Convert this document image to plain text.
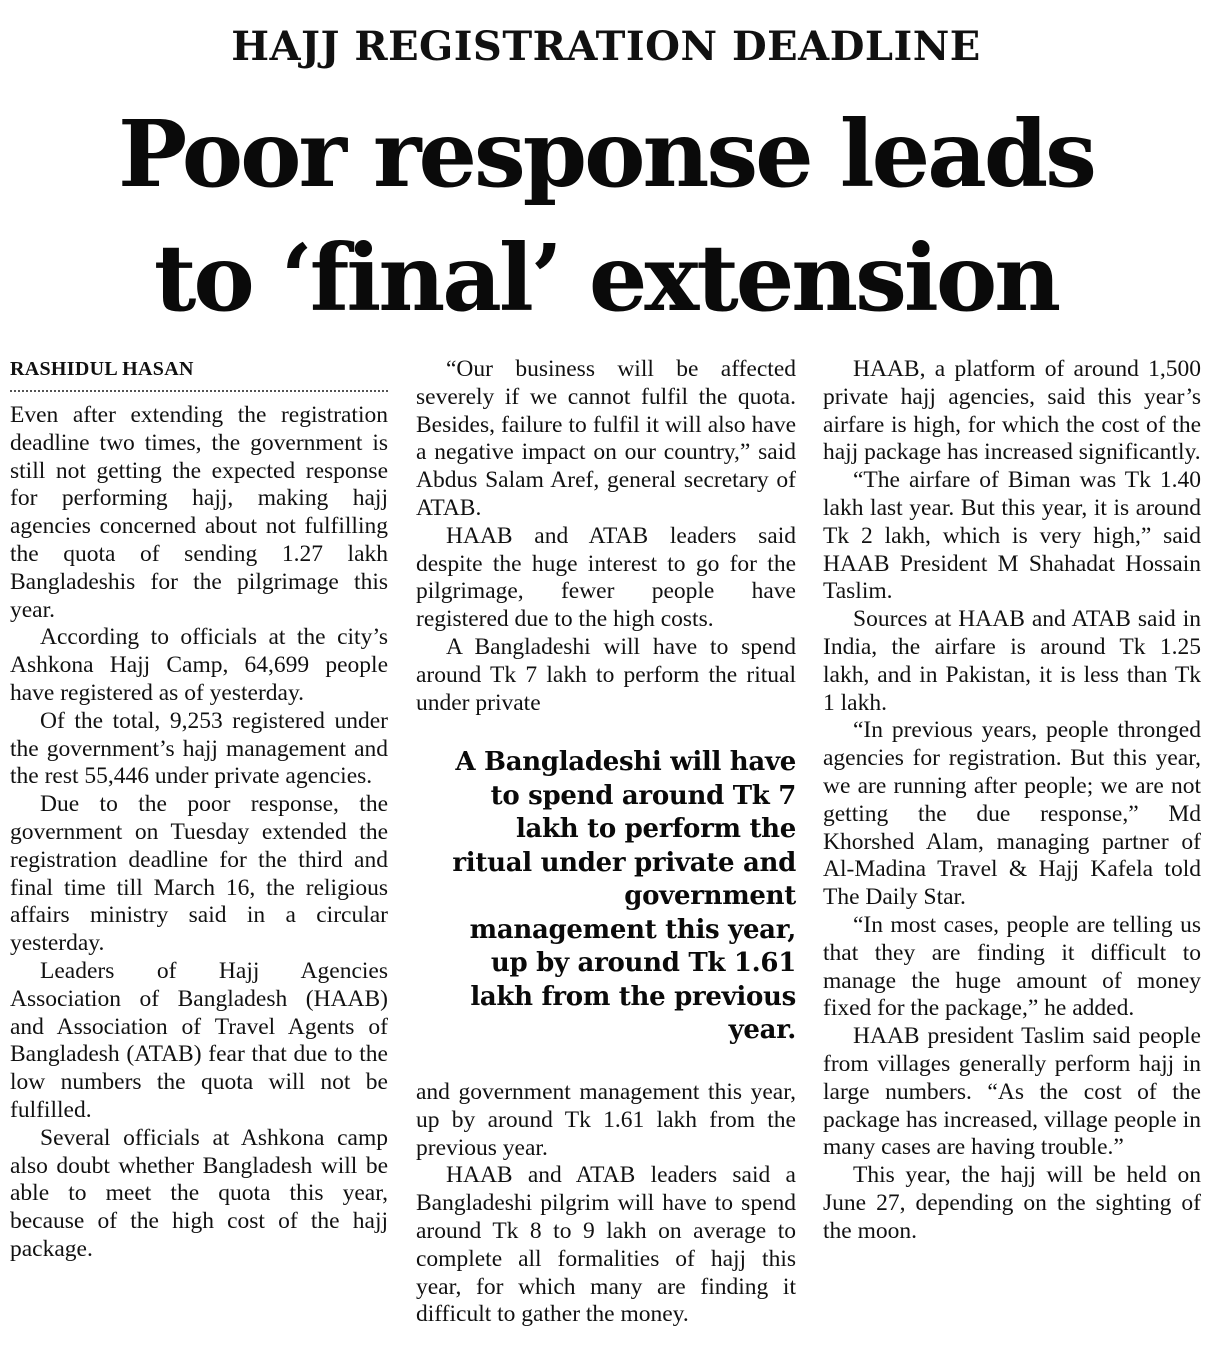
HAJJ REGISTRATION DEADLINE
Poor response leads
to ‘final’ extension
RASHIDUL HASAN

Even after extending the registration deadline two times, the government is still not getting the expected response for performing hajj, making hajj agencies concerned about not fulfilling the quota of sending 1.27 lakh Bangladeshis for the pilgrimage this year.

According to officials at the city’s Ashkona Hajj Camp, 64,699 people have registered as of yesterday.

Of the total, 9,253 registered under the government’s hajj management and the rest 55,446 under private agencies.

Due to the poor response, the government on Tuesday extended the registration deadline for the third and final time till March 16, the religious affairs ministry said in a circular yesterday.

Leaders of Hajj Agencies Association of Bangladesh (HAAB) and Association of Travel Agents of Bangladesh (ATAB) fear that due to the low numbers the quota will not be fulfilled.

Several officials at Ashkona camp also doubt whether Bangladesh will be able to meet the quota this year, because of the high cost of the hajj package.

“Our business will be affected severely if we cannot fulfil the quota. Besides, failure to fulfil it will also have a negative impact on our country,” said Abdus Salam Aref, general secretary of ATAB.

HAAB and ATAB leaders said despite the huge interest to go for the pilgrimage, fewer people have registered due to the high costs.

A Bangladeshi will have to spend around Tk 7 lakh to perform the ritual under private

A Bangladeshi will have to spend around Tk 7 lakh to perform the ritual under private and government management this year, up by around Tk 1.61 lakh from the previous year.

and government management this year, up by around Tk 1.61 lakh from the previous year.

HAAB and ATAB leaders said a Bangladeshi pilgrim will have to spend around Tk 8 to 9 lakh on average to complete all formalities of hajj this year, for which many are finding it difficult to gather the money.

HAAB, a platform of around 1,500 private hajj agencies, said this year’s airfare is high, for which the cost of the hajj package has increased significantly.

“The airfare of Biman was Tk 1.40 lakh last year. But this year, it is around Tk 2 lakh, which is very high,” said HAAB President M Shahadat Hossain Taslim.

Sources at HAAB and ATAB said in India, the airfare is around Tk 1.25 lakh, and in Pakistan, it is less than Tk 1 lakh.

“In previous years, people thronged agencies for registration. But this year, we are running after people; we are not getting the due response,” Md Khorshed Alam, managing partner of Al-Madina Travel & Hajj Kafela told The Daily Star.

“In most cases, people are telling us that they are finding it difficult to manage the huge amount of money fixed for the package,” he added.

HAAB president Taslim said people from villages generally perform hajj in large numbers. “As the cost of the package has increased, village people in many cases are having trouble.”

This year, the hajj will be held on June 27, depending on the sighting of the moon.
